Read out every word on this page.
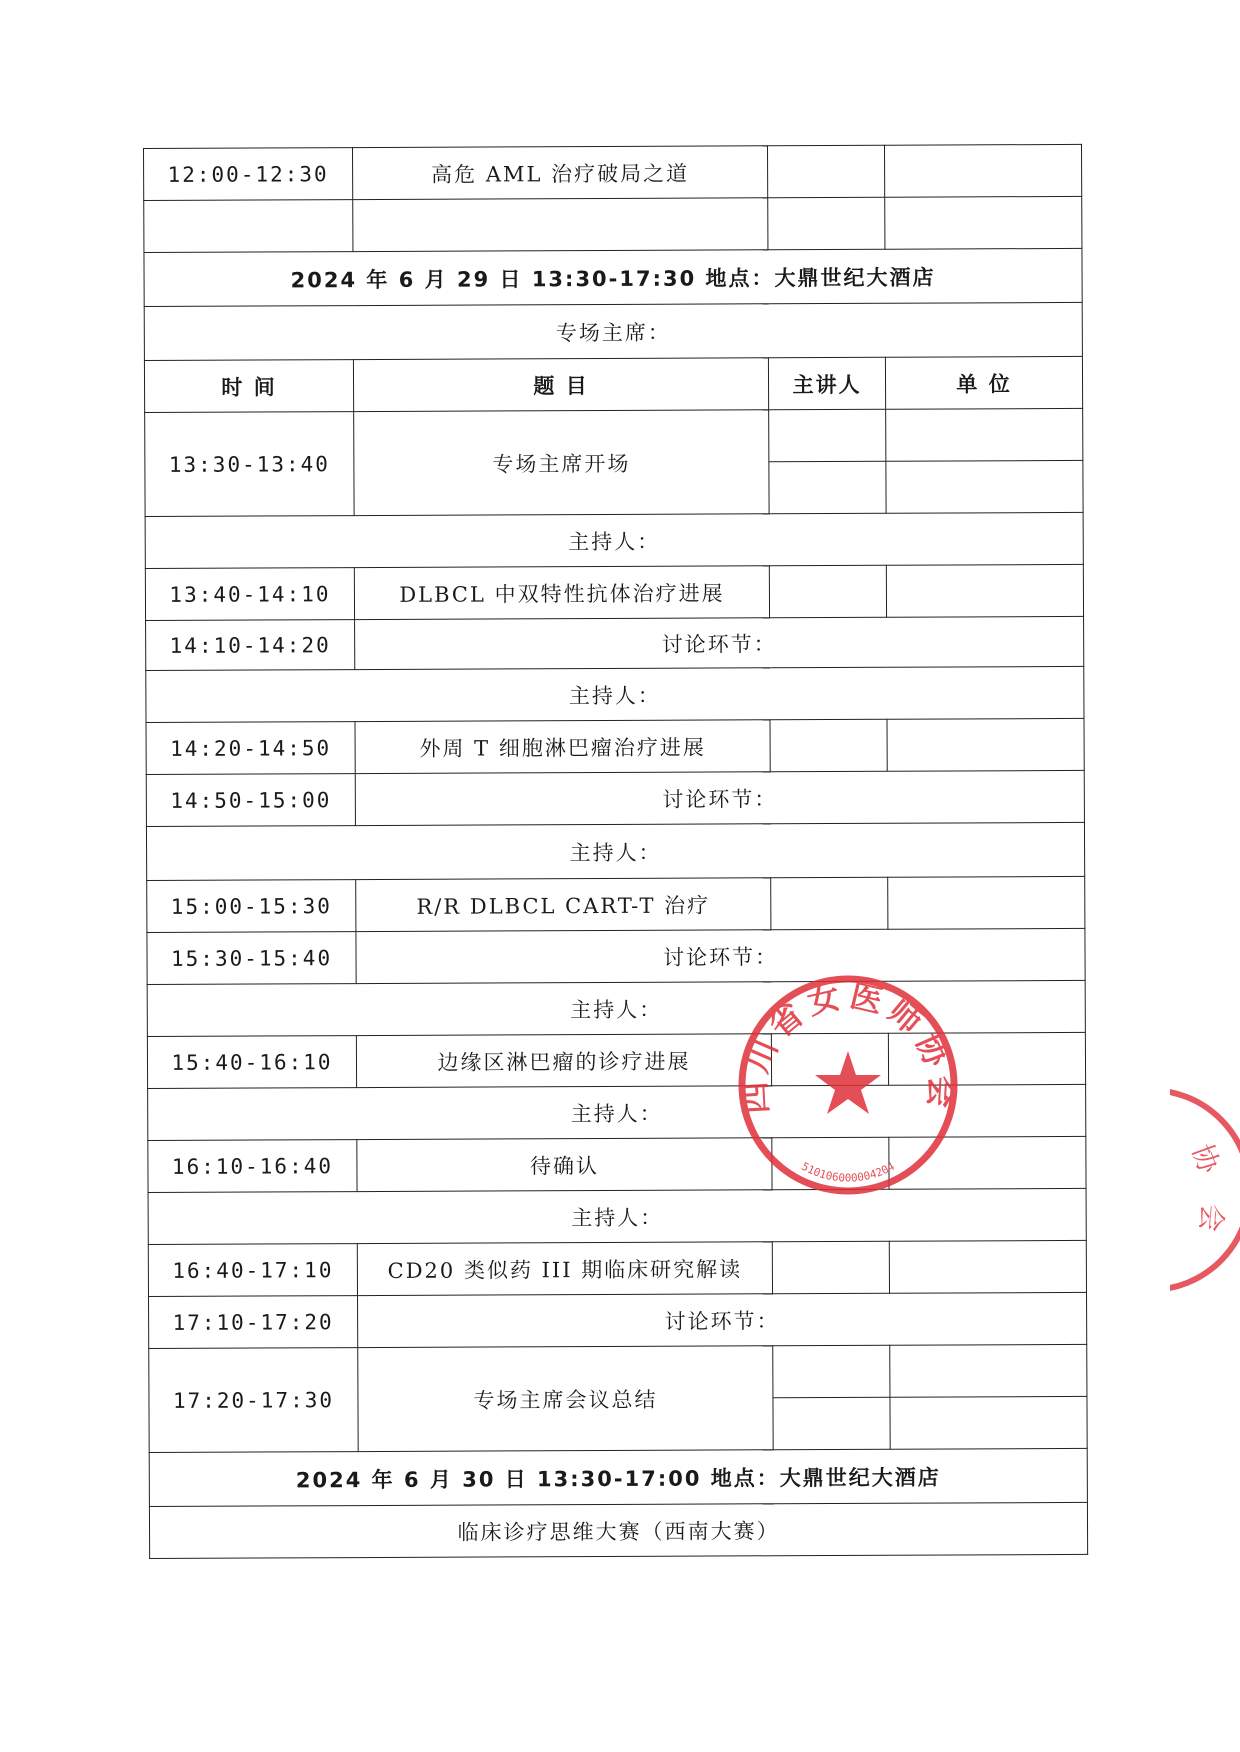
12:00-12:30	高危 AML 治疗破局之道		

2024 年 6 月 29 日 13:30-17:30 地点：大鼎世纪大酒店			
专场主席：			
时 间	题 目	主讲人	单 位
13:30-13:40	专场主席开场		

主持人：			
13:40-14:10	DLBCL 中双特性抗体治疗进展		
14:10-14:20	讨论环节：		
主持人：			
14:20-14:50	外周 T 细胞淋巴瘤治疗进展		
14:50-15:00	讨论环节：		
主持人：			
15:00-15:30	R/R DLBCL CART-T 治疗		
15:30-15:40	讨论环节：		
主持人：			
15:40-16:10	边缘区淋巴瘤的诊疗进展		
主持人：			
16:10-16:40	待确认		
主持人：			
16:40-17:10	CD20 类似药 III 期临床研究解读		
17:10-17:20	讨论环节：		
17:20-17:30	专场主席会议总结		

2024 年 6 月 30 日 13:30-17:00 地点：大鼎世纪大酒店			
临床诊疗思维大赛（西南大赛）			
四川省女医师协会
510106000004204	协
会
